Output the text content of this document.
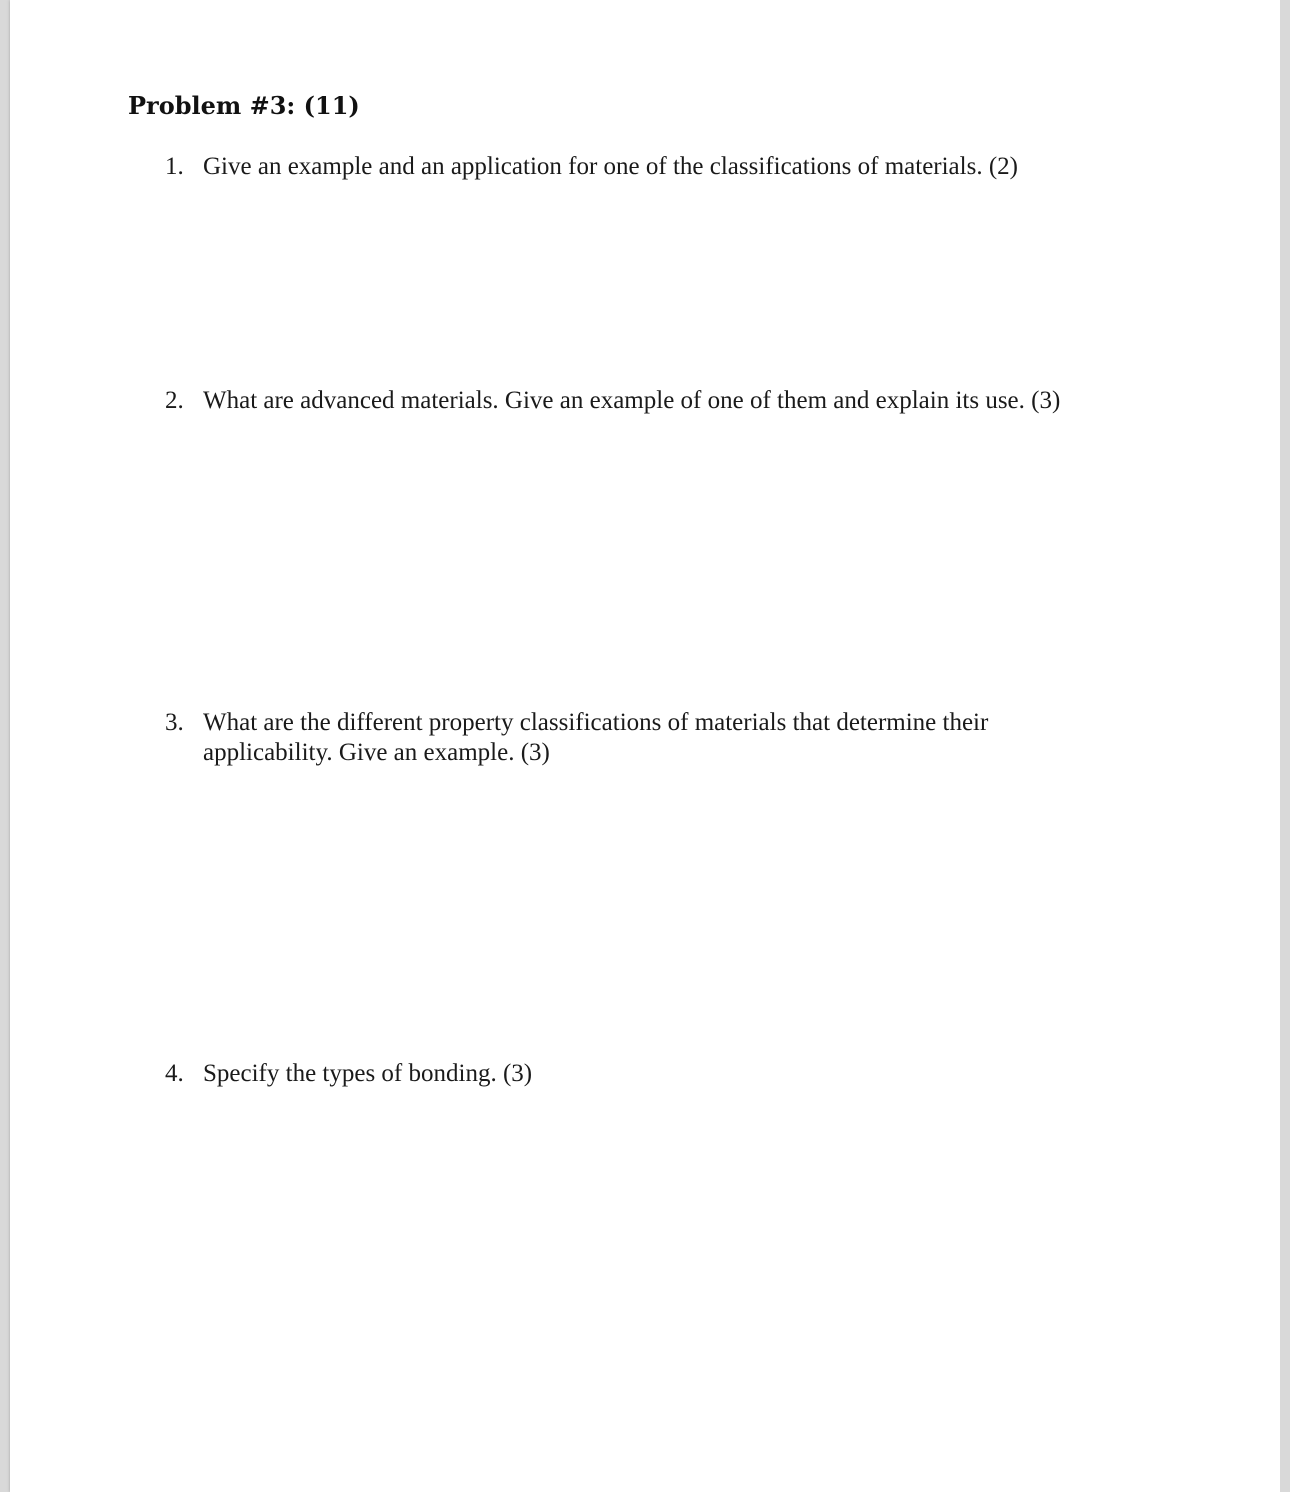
Problem #3: (11)
1. Give an example and an application for one of the classifications of materials. (2)
2. What are advanced materials. Give an example of one of them and explain its use. (3)
3. What are the different property classifications of materials that determine their applicability. Give an example. (3)
4. Specify the types of bonding. (3)
